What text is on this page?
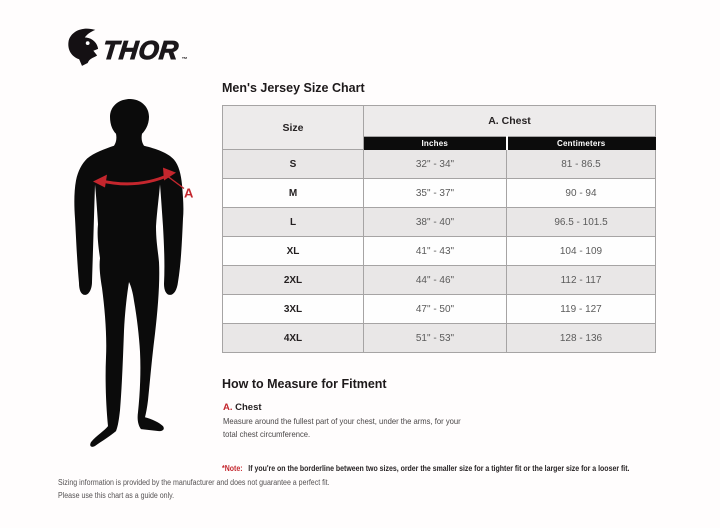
THOR ™
A
Men's Jersey Size Chart
Size	A. Chest	
	Inches	Centimeters
S	32" - 34"	81 - 86.5
M	35" - 37"	90 - 94
L	38" - 40"	96.5 - 101.5
XL	41" - 43"	104 - 109
2XL	44" - 46"	112 - 117
3XL	47" - 50"	119 - 127
4XL	51" - 53"	128 - 136
How to Measure for Fitment
A. Chest
Measure around the fullest part of your chest, under the arms, for your
total chest circumference.
*Note: If you're on the borderline between two sizes, order the smaller size for a tighter fit or the larger size for a looser fit.
Sizing information is provided by the manufacturer and does not guarantee a perfect fit.
Please use this chart as a guide only.
